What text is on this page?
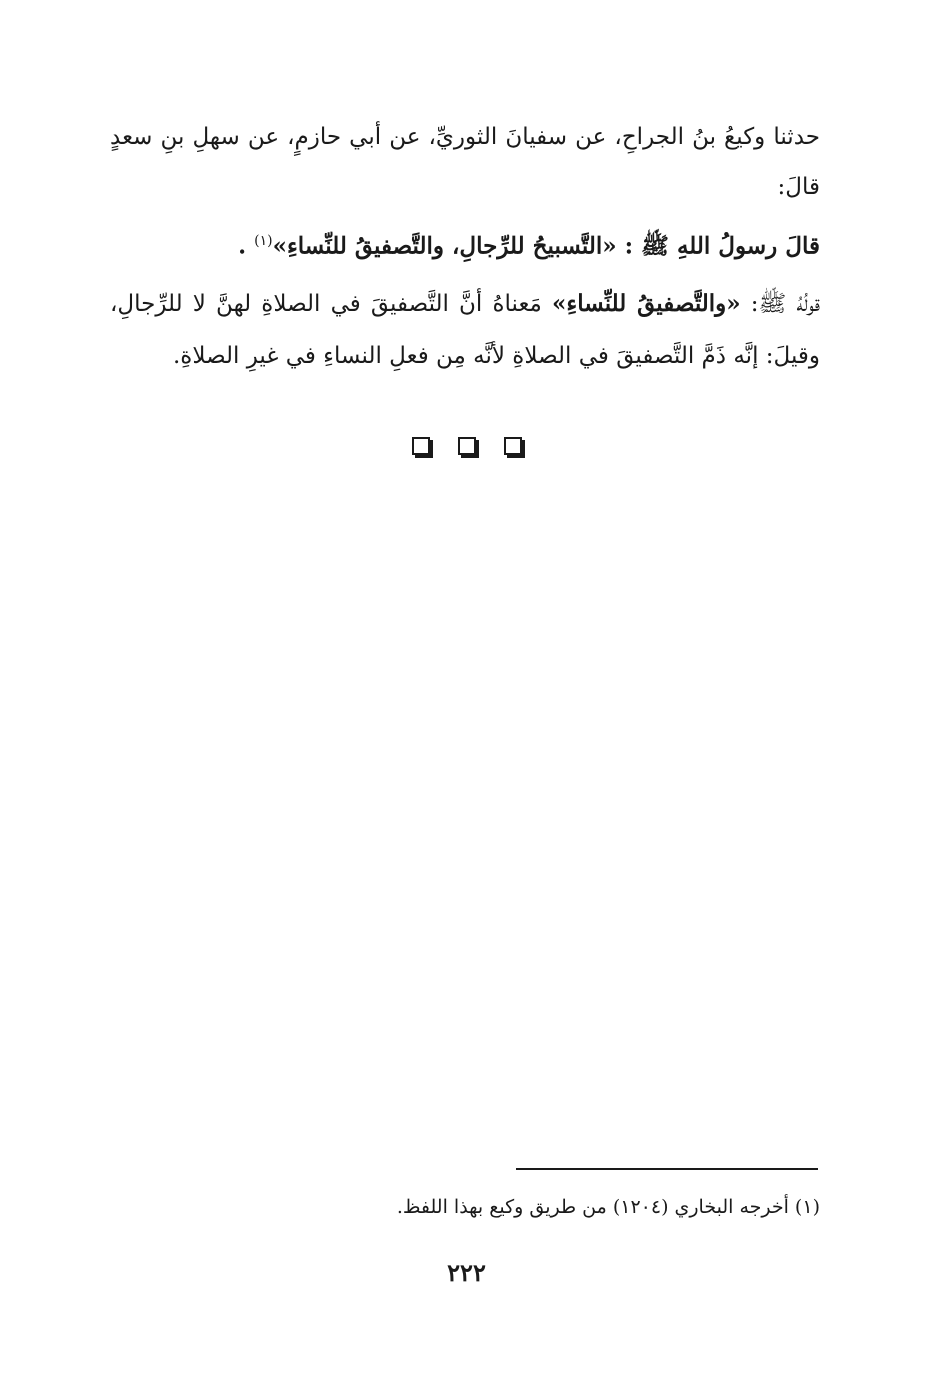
حدثنا وكيعُ بنُ الجراحِ، عن سفيانَ الثوريِّ، عن أبي حازمٍ، عن سهلِ بنِ سعدٍ قالَ:

قالَ رسولُ اللهِ ﷺ : «التَّسبيحُ للرِّجالِ، والتَّصفيقُ للنِّساءِ»$^{(١)}$ .

قولُهُ ﷺ: «والتَّصفيقُ للنِّساءِ» مَعناهُ أنَّ التَّصفيقَ في الصلاةِ لهنَّ لا للرِّجالِ، وقيلَ: إنَّه ذَمَّ التَّصفيقَ في الصلاةِ لأنَّه مِن فعلِ النساءِ في غيرِ الصلاةِ.

(١) أخرجه البخاري (١٢٠٤) من طريق وكيع بهذا اللفظ.

٢٢٢
